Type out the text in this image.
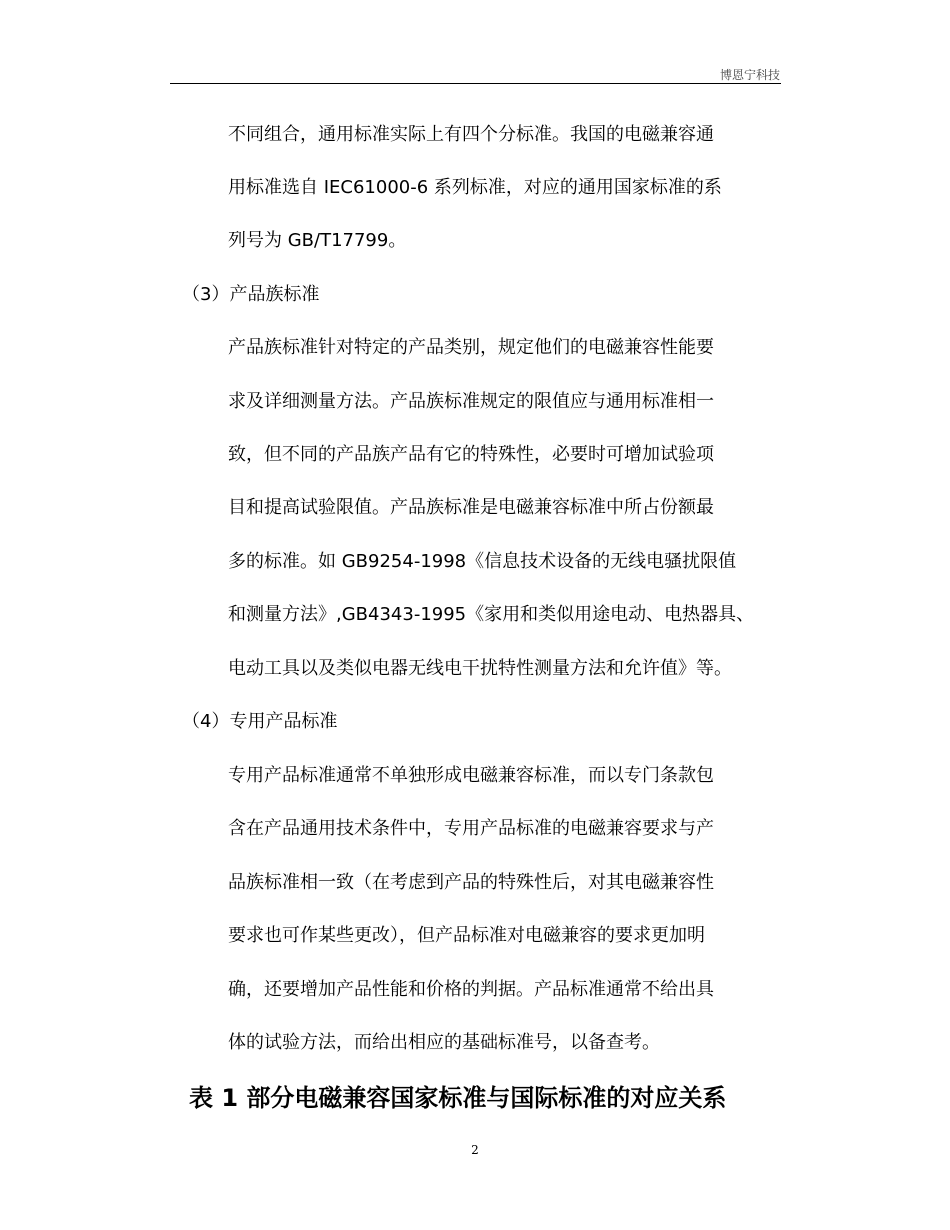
博恩宁科技
不同组合，通用标准实际上有四个分标准。我国的电磁兼容通
用标准选自 IEC61000-6 系列标准，对应的通用国家标准的系
列号为 GB/T17799。
（3）产品族标准
产品族标准针对特定的产品类别，规定他们的电磁兼容性能要
求及详细测量方法。产品族标准规定的限值应与通用标准相一
致，但不同的产品族产品有它的特殊性，必要时可增加试验项
目和提高试验限值。产品族标准是电磁兼容标准中所占份额最
多的标准。如 GB9254-1998《信息技术设备的无线电骚扰限值
和测量方法》,GB4343-1995《家用和类似用途电动、电热器具、
电动工具以及类似电器无线电干扰特性测量方法和允许值》等。
（4）专用产品标准
专用产品标准通常不单独形成电磁兼容标准，而以专门条款包
含在产品通用技术条件中，专用产品标准的电磁兼容要求与产
品族标准相一致（在考虑到产品的特殊性后，对其电磁兼容性
要求也可作某些更改），但产品标准对电磁兼容的要求更加明
确，还要增加产品性能和价格的判据。产品标准通常不给出具
体的试验方法，而给出相应的基础标准号，以备查考。
表 1 部分电磁兼容国家标准与国际标准的对应关系
2
